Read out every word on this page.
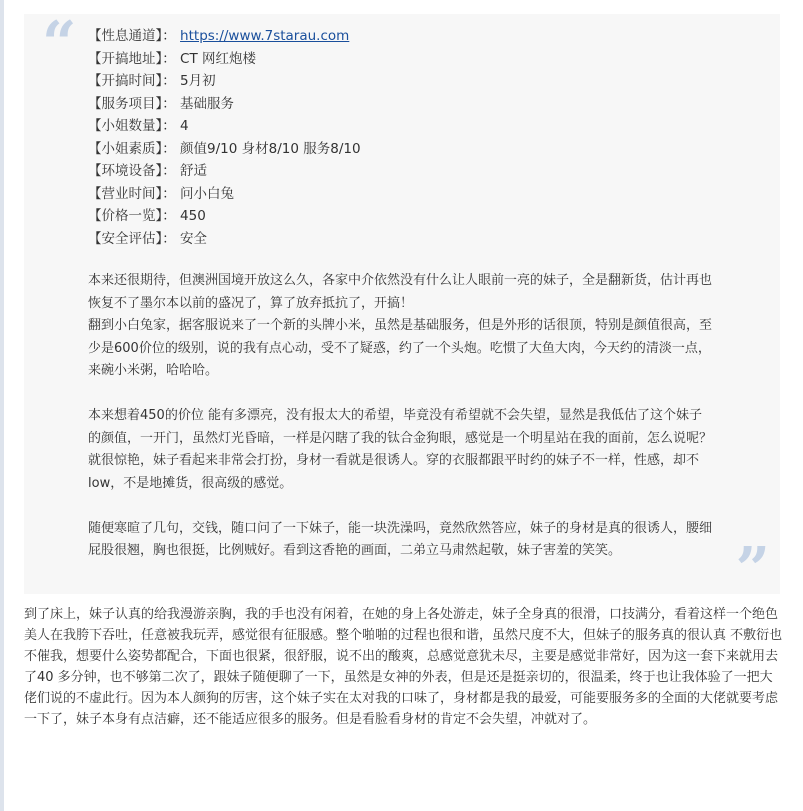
“ 【性息通道】： https://www.7starau.com
【开搞地址】： CT 网红炮楼
【开搞时间】： 5月初
【服务项目】： 基础服务
【小姐数量】： 4
【小姐素质】： 颜值9/10 身材8/10 服务8/10
【环境设备】： 舒适
【营业时间】： 问小白兔
【价格一览】： 450
【安全评估】： 安全

本来还很期待，但澳洲国境开放这么久，各家中介依然没有什么让人眼前一亮的妹子，全是翻新货，估计再也恢复不了墨尔本以前的盛况了，算了放弃抵抗了，开搞！
翻到小白兔家，据客服说来了一个新的头牌小米，虽然是基础服务，但是外形的话很顶，特别是颜值很高，至少是600价位的级别，说的我有点心动，受不了疑惑，约了一个头炮。吃惯了大鱼大肉，今天约的清淡一点，来碗小米粥，哈哈哈。

本来想着450的价位 能有多漂亮，没有报太大的希望，毕竟没有希望就不会失望，显然是我低估了这个妹子的颜值，一开门，虽然灯光昏暗，一样是闪瞎了我的钛合金狗眼，感觉是一个明星站在我的面前，怎么说呢？就很惊艳，妹子看起来非常会打扮，身材一看就是很诱人。穿的衣服都跟平时约的妹子不一样，性感，却不low，不是地摊货，很高级的感觉。

随便寒暄了几句，交钱，随口问了一下妹子，能一块洗澡吗，竟然欣然答应，妹子的身材是真的很诱人，腰细屁股很翘，胸也很挺，比例贼好。看到这香艳的画面，二弟立马肃然起敬，妹子害羞的笑笑。	”

到了床上，妹子认真的给我漫游亲胸，我的手也没有闲着，在她的身上各处游走，妹子全身真的很滑，口技满分，看着这样一个绝色美人在我胯下吞吐，任意被我玩弄，感觉很有征服感。整个啪啪的过程也很和谐，虽然尺度不大，但妹子的服务真的很认真 不敷衍也不催我，想要什么姿势都配合，下面也很紧，很舒服，说不出的酸爽，总感觉意犹未尽，主要是感觉非常好，因为这一套下来就用去了40 多分钟，也不够第二次了，跟妹子随便聊了一下，虽然是女神的外表，但是还是挺亲切的，很温柔，终于也让我体验了一把大佬们说的不虚此行。因为本人颜狗的厉害，这个妹子实在太对我的口味了，身材都是我的最爱，可能要服务多的全面的大佬就要考虑一下了，妹子本身有点洁癖，还不能适应很多的服务。但是看脸看身材的肯定不会失望，冲就对了。
